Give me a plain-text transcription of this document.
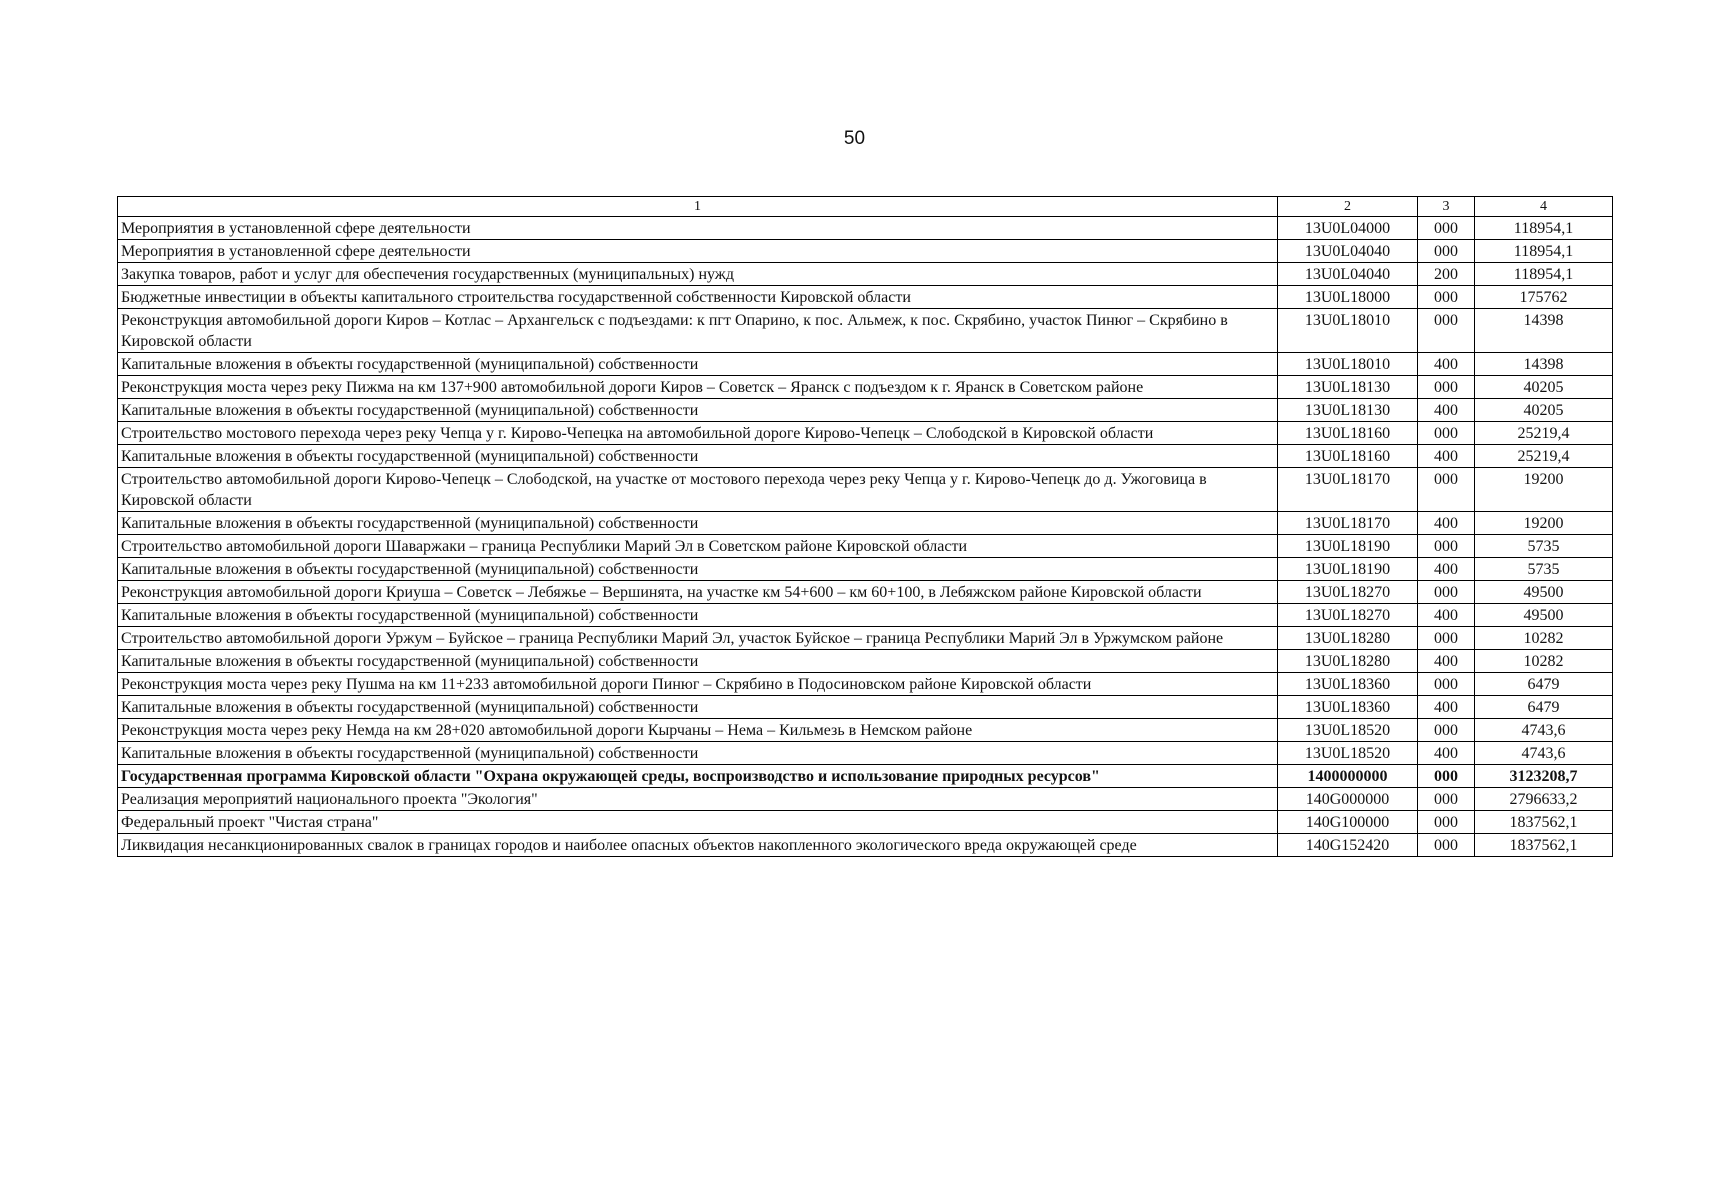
50
1	2	3	4
Мероприятия в установленной сфере деятельности	13U0L04000	000	118954,1
Мероприятия в установленной сфере деятельности	13U0L04040	000	118954,1
Закупка товаров, работ и услуг для обеспечения государственных (муниципальных) нужд	13U0L04040	200	118954,1
Бюджетные инвестиции в объекты капитального строительства государственной собственности Кировской области	13U0L18000	000	175762
Реконструкция автомобильной дороги Киров – Котлас – Архангельск с подъездами: к пгт Опарино, к пос. Альмеж, к пос. Скрябино, участок Пинюг – Скрябино в Кировской области	13U0L18010	000	14398
Капитальные вложения в объекты государственной (муниципальной) собственности	13U0L18010	400	14398
Реконструкция моста через реку Пижма на км 137+900 автомобильной дороги Киров – Советск – Яранск с подъездом к г. Яранск в Советском районе	13U0L18130	000	40205
Капитальные вложения в объекты государственной (муниципальной) собственности	13U0L18130	400	40205
Строительство мостового перехода через реку Чепца у г. Кирово-Чепецка на автомобильной дороге Кирово-Чепецк – Слободской в Кировской области	13U0L18160	000	25219,4
Капитальные вложения в объекты государственной (муниципальной) собственности	13U0L18160	400	25219,4
Строительство автомобильной дороги Кирово-Чепецк – Слободской, на участке от мостового перехода через реку Чепца у г. Кирово-Чепецк до д. Ужоговица в Кировской области	13U0L18170	000	19200
Капитальные вложения в объекты государственной (муниципальной) собственности	13U0L18170	400	19200
Строительство автомобильной дороги Шаваржаки – граница Республики Марий Эл в Советском районе Кировской области	13U0L18190	000	5735
Капитальные вложения в объекты государственной (муниципальной) собственности	13U0L18190	400	5735
Реконструкция автомобильной дороги Криуша – Советск – Лебяжье – Вершинята, на участке км 54+600 – км 60+100, в Лебяжском районе Кировской области	13U0L18270	000	49500
Капитальные вложения в объекты государственной (муниципальной) собственности	13U0L18270	400	49500
Строительство автомобильной дороги Уржум – Буйское – граница Республики Марий Эл, участок Буйское – граница Республики Марий Эл в Уржумском районе	13U0L18280	000	10282
Капитальные вложения в объекты государственной (муниципальной) собственности	13U0L18280	400	10282
Реконструкция моста через реку Пушма на км 11+233 автомобильной дороги Пинюг – Скрябино в Подосиновском районе Кировской области	13U0L18360	000	6479
Капитальные вложения в объекты государственной (муниципальной) собственности	13U0L18360	400	6479
Реконструкция моста через реку Немда на км 28+020 автомобильной дороги Кырчаны – Нема – Кильмезь в Немском районе	13U0L18520	000	4743,6
Капитальные вложения в объекты государственной (муниципальной) собственности	13U0L18520	400	4743,6
Государственная программа Кировской области "Охрана окружающей среды, воспроизводство и использование природных ресурсов"	1400000000	000	3123208,7
Реализация мероприятий национального проекта "Экология"	140G000000	000	2796633,2
Федеральный проект "Чистая страна"	140G100000	000	1837562,1
Ликвидация несанкционированных свалок в границах городов и наиболее опасных объектов накопленного экологического вреда окружающей среде	140G152420	000	1837562,1
